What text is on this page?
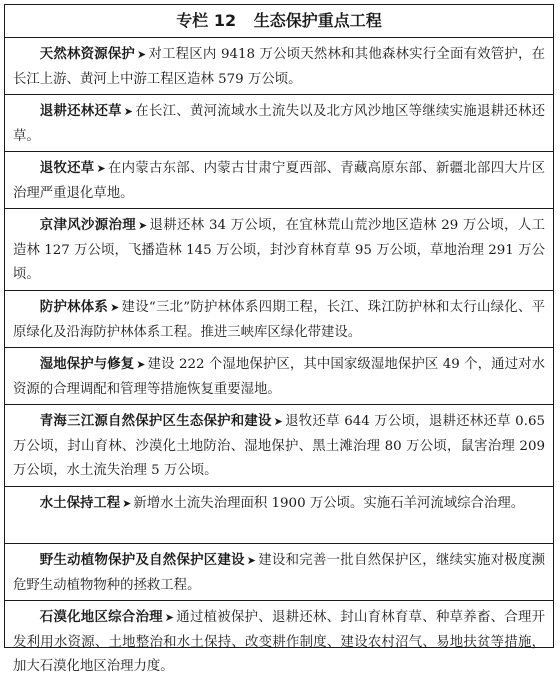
专栏 12 生态保护重点工程

天然林资源保护 ➤ 对工程区内 9418 万公顷天然林和其他森林实行全面有效管护，在长江上游、黄河上中游工程区造林 579 万公顷。

退耕还林还草 ➤ 在长江、黄河流域水土流失以及北方风沙地区等继续实施退耕还林还草。

退牧还草 ➤ 在内蒙古东部、内蒙古甘肃宁夏西部、青藏高原东部、新疆北部四大片区治理严重退化草地。

京津风沙源治理 ➤ 退耕还林 34 万公顷，在宜林荒山荒沙地区造林 29 万公顷，人工造林 127 万公顷，飞播造林 145 万公顷，封沙育林育草 95 万公顷，草地治理 291 万公顷。

防护林体系 ➤ 建设“三北”防护林体系四期工程，长江、珠江防护林和太行山绿化、平原绿化及沿海防护林体系工程。推进三峡库区绿化带建设。

湿地保护与修复 ➤ 建设 222 个湿地保护区，其中国家级湿地保护区 49 个，通过对水资源的合理调配和管理等措施恢复重要湿地。

青海三江源自然保护区生态保护和建设 ➤ 退牧还草 644 万公顷，退耕还林还草 0.65 万公顷，封山育林、沙漠化土地防治、湿地保护、黑土滩治理 80 万公顷，鼠害治理 209 万公顷，水土流失治理 5 万公顷。

水土保持工程 ➤ 新增水土流失治理面积 1900 万公顷。实施石羊河流域综合治理。

野生动植物保护及自然保护区建设 ➤ 建设和完善一批自然保护区，继续实施对极度濒危野生动植物物种的拯救工程。

石漠化地区综合治理 ➤ 通过植被保护、退耕还林、封山育林育草、种草养畜、合理开发利用水资源、土地整治和水土保持、改变耕作制度、建设农村沼气、易地扶贫等措施，加大石漠化地区治理力度。
